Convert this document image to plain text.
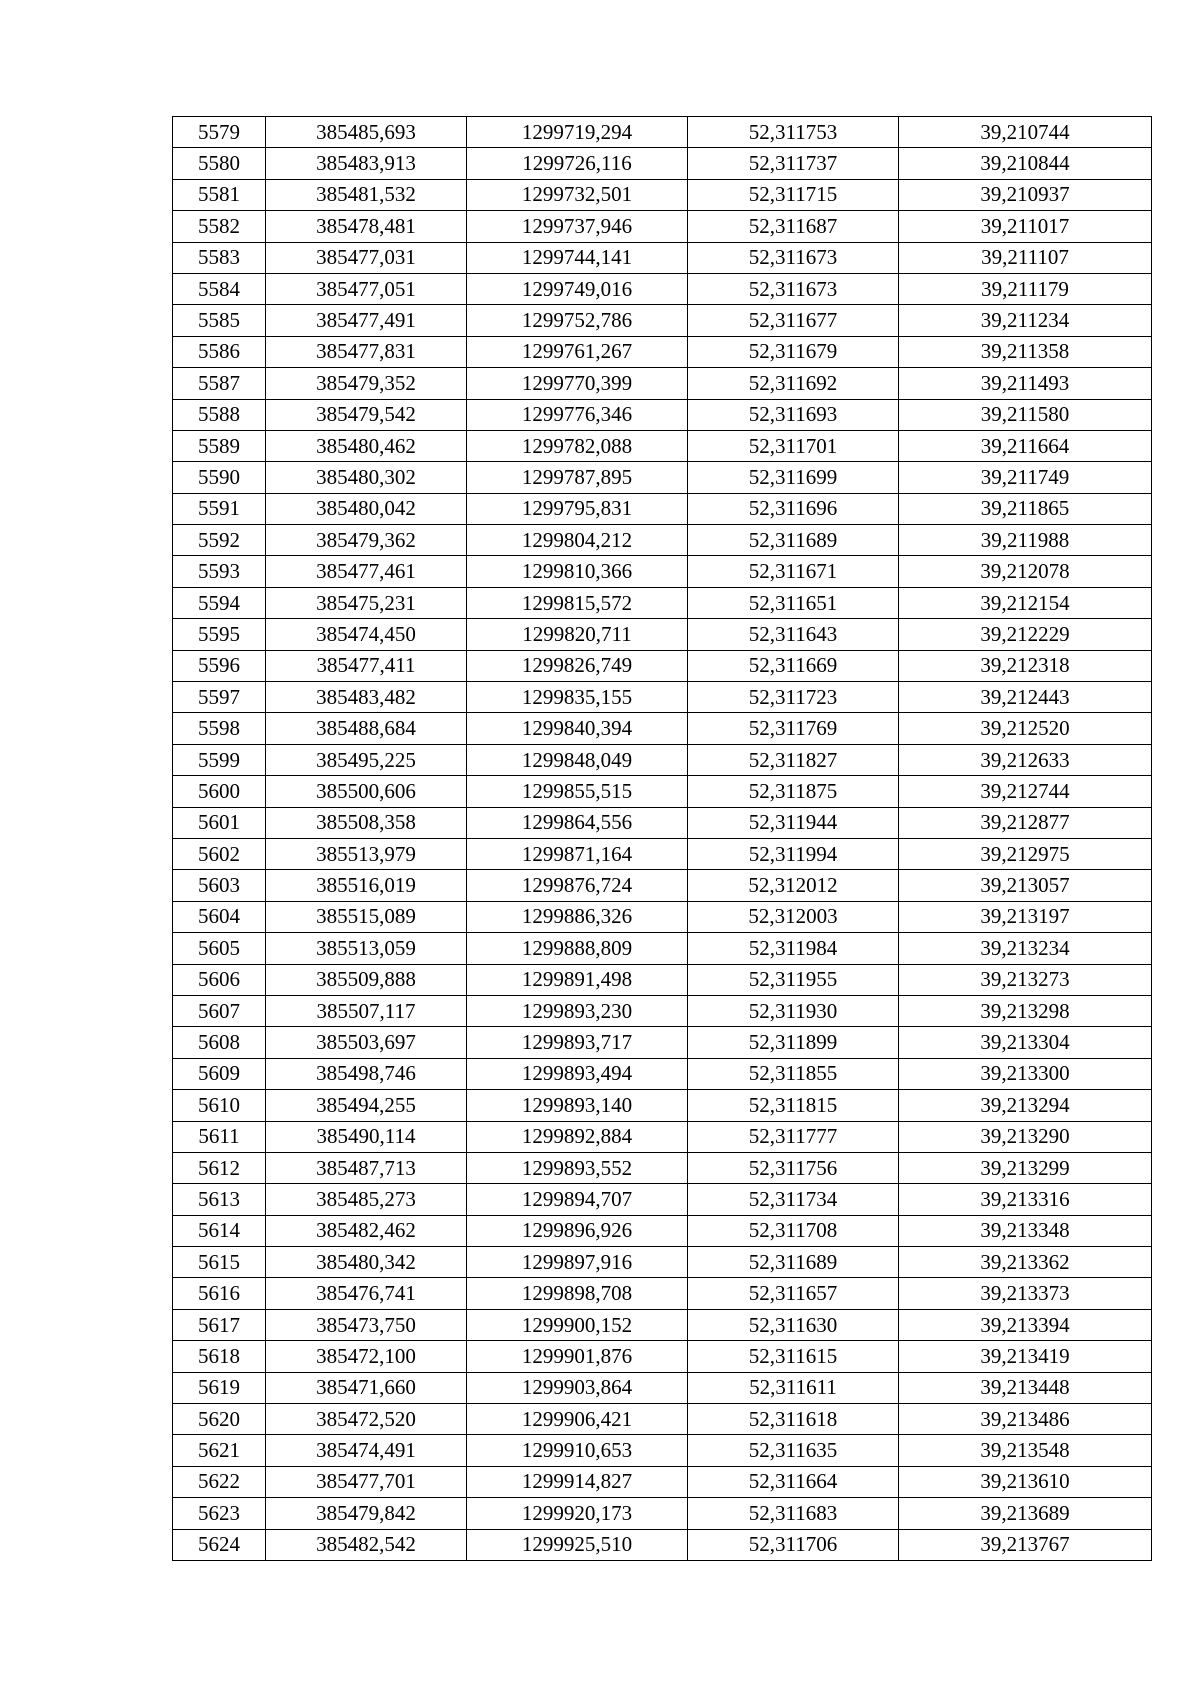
5579	385485,693	1299719,294	52,311753	39,210744
5580	385483,913	1299726,116	52,311737	39,210844
5581	385481,532	1299732,501	52,311715	39,210937
5582	385478,481	1299737,946	52,311687	39,211017
5583	385477,031	1299744,141	52,311673	39,211107
5584	385477,051	1299749,016	52,311673	39,211179
5585	385477,491	1299752,786	52,311677	39,211234
5586	385477,831	1299761,267	52,311679	39,211358
5587	385479,352	1299770,399	52,311692	39,211493
5588	385479,542	1299776,346	52,311693	39,211580
5589	385480,462	1299782,088	52,311701	39,211664
5590	385480,302	1299787,895	52,311699	39,211749
5591	385480,042	1299795,831	52,311696	39,211865
5592	385479,362	1299804,212	52,311689	39,211988
5593	385477,461	1299810,366	52,311671	39,212078
5594	385475,231	1299815,572	52,311651	39,212154
5595	385474,450	1299820,711	52,311643	39,212229
5596	385477,411	1299826,749	52,311669	39,212318
5597	385483,482	1299835,155	52,311723	39,212443
5598	385488,684	1299840,394	52,311769	39,212520
5599	385495,225	1299848,049	52,311827	39,212633
5600	385500,606	1299855,515	52,311875	39,212744
5601	385508,358	1299864,556	52,311944	39,212877
5602	385513,979	1299871,164	52,311994	39,212975
5603	385516,019	1299876,724	52,312012	39,213057
5604	385515,089	1299886,326	52,312003	39,213197
5605	385513,059	1299888,809	52,311984	39,213234
5606	385509,888	1299891,498	52,311955	39,213273
5607	385507,117	1299893,230	52,311930	39,213298
5608	385503,697	1299893,717	52,311899	39,213304
5609	385498,746	1299893,494	52,311855	39,213300
5610	385494,255	1299893,140	52,311815	39,213294
5611	385490,114	1299892,884	52,311777	39,213290
5612	385487,713	1299893,552	52,311756	39,213299
5613	385485,273	1299894,707	52,311734	39,213316
5614	385482,462	1299896,926	52,311708	39,213348
5615	385480,342	1299897,916	52,311689	39,213362
5616	385476,741	1299898,708	52,311657	39,213373
5617	385473,750	1299900,152	52,311630	39,213394
5618	385472,100	1299901,876	52,311615	39,213419
5619	385471,660	1299903,864	52,311611	39,213448
5620	385472,520	1299906,421	52,311618	39,213486
5621	385474,491	1299910,653	52,311635	39,213548
5622	385477,701	1299914,827	52,311664	39,213610
5623	385479,842	1299920,173	52,311683	39,213689
5624	385482,542	1299925,510	52,311706	39,213767
